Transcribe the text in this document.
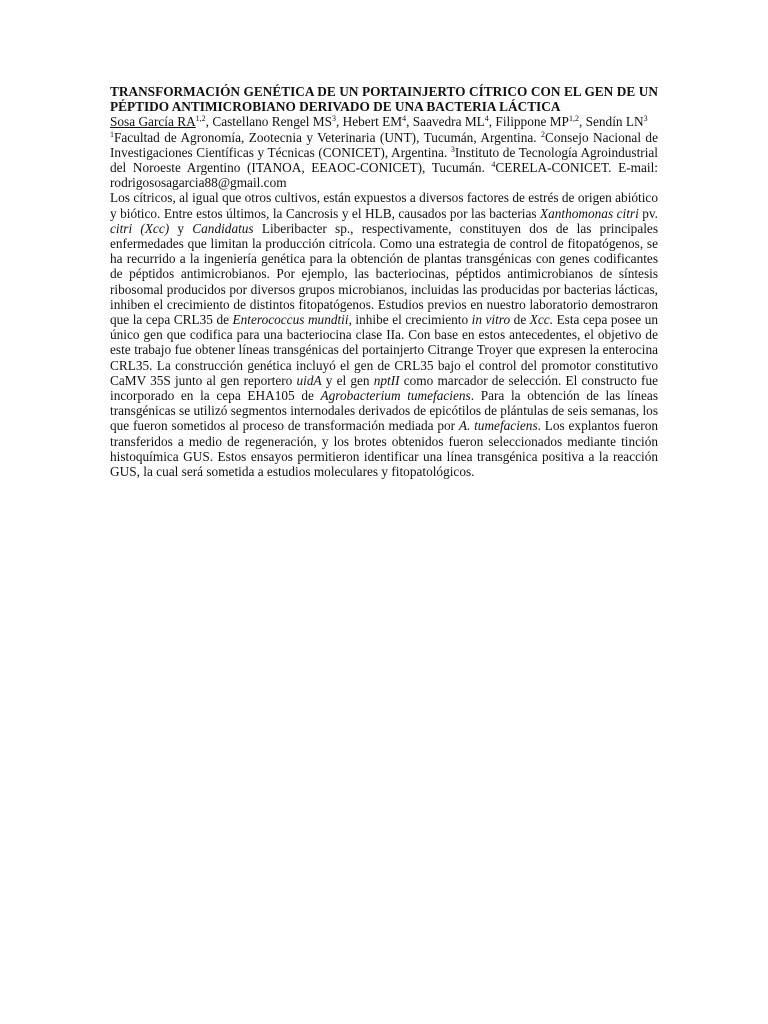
TRANSFORMACIÓN GENÉTICA DE UN PORTAINJERTO CÍTRICO CON EL GEN DE UN PÉPTIDO ANTIMICROBIANO DERIVADO DE UNA BACTERIA LÁCTICA

Sosa García RA$^{1,2}$, Castellano Rengel $MS^3$, Hebert $EM^4$, Saavedra $ML^4$, Filippone MP$^{1,2}$, Sendín $LN^3$

$^1$Facultad de Agronomía, Zootecnia y Veterinaria (UNT), Tucumán, Argentina. $^2$Consejo Nacional de Investigaciones Científicas y Técnicas (CONICET), Argentina. $^3$Instituto de Tecnología Agroindustrial del Noroeste Argentino (ITANOA, EEAOC-CONICET), Tucumán. $^4$CERELA-CONICET. E-mail: rodrigososagarcia88@gmail.com

Los cítricos, al igual que otros cultivos, están expuestos a diversos factores de estrés de origen abiótico y biótico. Entre estos últimos, la Cancrosis y el HLB, causados por las bacterias Xanthomonas citri pv. citri (Xcc) y Candidatus Liberibacter sp., respectivamente, constituyen dos de las principales enfermedades que limitan la producción citrícola. Como una estrategia de control de fitopatógenos, se ha recurrido a la ingeniería genética para la obtención de plantas transgénicas con genes codificantes de péptidos antimicrobianos. Por ejemplo, las bacteriocinas, péptidos antimicrobianos de síntesis ribosomal producidos por diversos grupos microbianos, incluidas las producidas por bacterias lácticas, inhiben el crecimiento de distintos fitopatógenos. Estudios previos en nuestro laboratorio demostraron que la cepa CRL35 de Enterococcus mundtii, inhibe el crecimiento in vitro de Xcc. Esta cepa posee un único gen que codifica para una bacteriocina clase IIa. Con base en estos antecedentes, el objetivo de este trabajo fue obtener líneas transgénicas del portainjerto Citrange Troyer que expresen la enterocina CRL35. La construcción genética incluyó el gen de CRL35 bajo el control del promotor constitutivo CaMV 35S junto al gen reportero uidA y el gen nptII como marcador de selección. El constructo fue incorporado en la cepa EHA105 de Agrobacterium tumefaciens. Para la obtención de las líneas transgénicas se utilizó segmentos internodales derivados de epicótilos de plántulas de seis semanas, los que fueron sometidos al proceso de transformación mediada por A. tumefaciens. Los explantos fueron transferidos a medio de regeneración, y los brotes obtenidos fueron seleccionados mediante tinción histoquímica GUS. Estos ensayos permitieron identificar una línea transgénica positiva a la reacción GUS, la cual será sometida a estudios moleculares y fitopatológicos.
